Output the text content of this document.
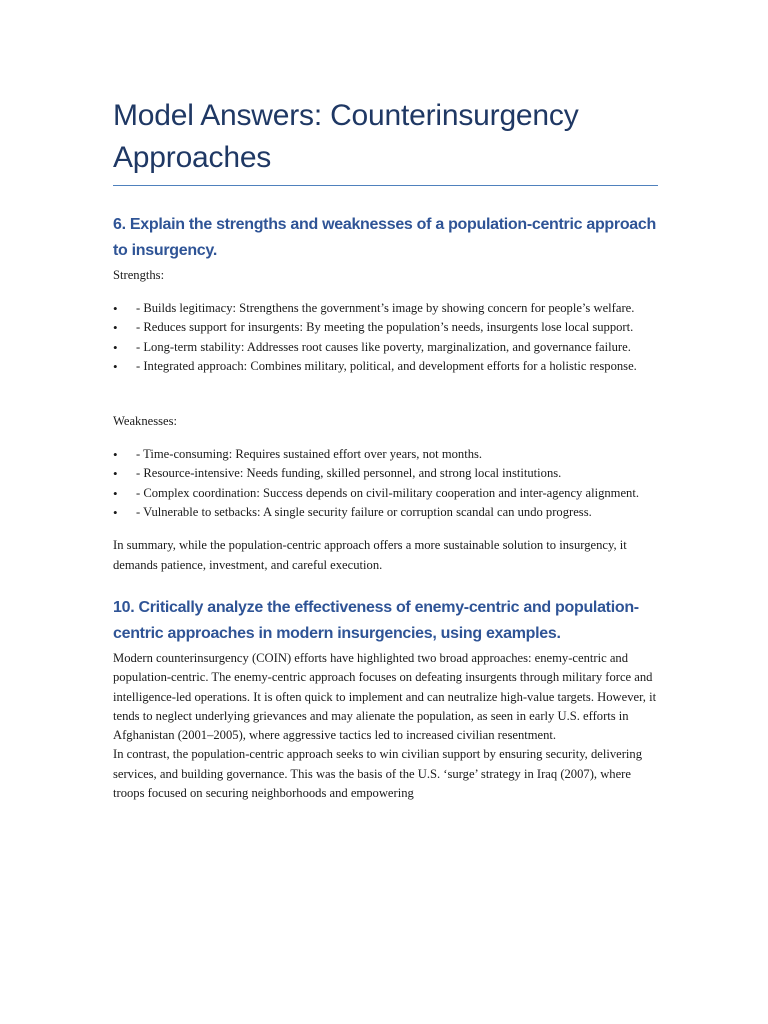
Model Answers: Counterinsurgency Approaches
6. Explain the strengths and weaknesses of a population-centric approach to insurgency.

Strengths:

• - Builds legitimacy: Strengthens the government’s image by showing concern for people’s welfare.
• - Reduces support for insurgents: By meeting the population’s needs, insurgents lose local support.
• - Long-term stability: Addresses root causes like poverty, marginalization, and governance failure.
• - Integrated approach: Combines military, political, and development efforts for a holistic response.

Weaknesses:

• - Time-consuming: Requires sustained effort over years, not months.
• - Resource-intensive: Needs funding, skilled personnel, and strong local institutions.
• - Complex coordination: Success depends on civil-military cooperation and inter-agency alignment.
• - Vulnerable to setbacks: A single security failure or corruption scandal can undo progress.

In summary, while the population-centric approach offers a more sustainable solution to insurgency, it demands patience, investment, and careful execution.

10. Critically analyze the effectiveness of enemy-centric and population-centric approaches in modern insurgencies, using examples.

Modern counterinsurgency (COIN) efforts have highlighted two broad approaches: enemy-centric and population-centric. The enemy-centric approach focuses on defeating insurgents through military force and intelligence-led operations. It is often quick to implement and can neutralize high-value targets. However, it tends to neglect underlying grievances and may alienate the population, as seen in early U.S. efforts in Afghanistan (2001–2005), where aggressive tactics led to increased civilian resentment.

In contrast, the population-centric approach seeks to win civilian support by ensuring security, delivering services, and building governance. This was the basis of the U.S. ‘surge’ strategy in Iraq (2007), where troops focused on securing neighborhoods and empowering
